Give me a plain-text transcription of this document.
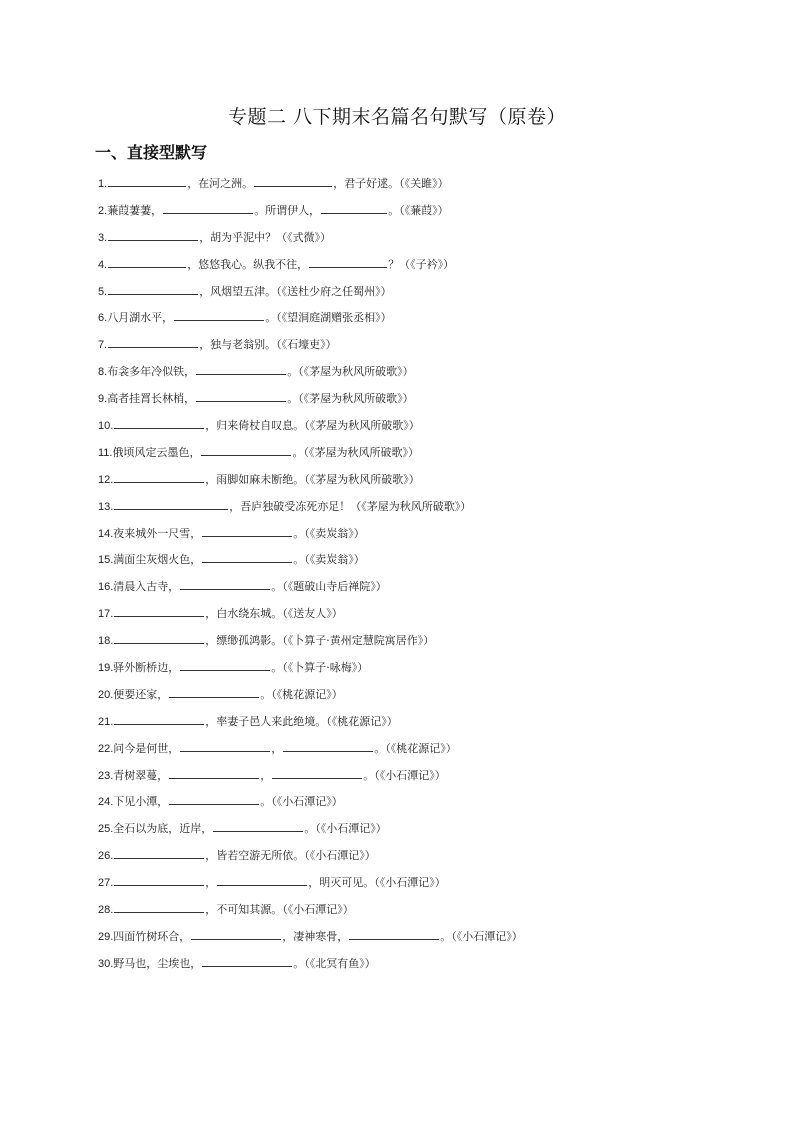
专题二 八下期末名篇名句默写（原卷）
一、直接型默写
1.	，在河之洲。	，君子好逑。（《关雎》）
2.蒹葭萋萋，	。所谓伊人，	。（《蒹葭》）
3.	，胡为乎泥中？（《式微》）
4.	，悠悠我心。纵我不往，	？（《子衿》）
5.	，风烟望五津。（《送杜少府之任蜀州》）
6.八月湖水平，	。（《望洞庭湖赠张丞相》）
7.	，独与老翁别。（《石壕吏》）
8.布衾多年冷似铁，	。（《茅屋为秋风所破歌》）
9.高者挂罥长林梢，	。（《茅屋为秋风所破歌》）
10.	，归来倚杖自叹息。（《茅屋为秋风所破歌》）
11.俄顷风定云墨色，	。（《茅屋为秋风所破歌》）
12.	，雨脚如麻未断绝。（《茅屋为秋风所破歌》）
13.	，吾庐独破受冻死亦足！（《茅屋为秋风所破歌》）
14.夜来城外一尺雪，	。（《卖炭翁》）
15.满面尘灰烟火色，	。（《卖炭翁》）
16.清晨入古寺，	。（《题破山寺后禅院》）
17.	，白水绕东城。（《送友人》）
18.	，缥缈孤鸿影。（《卜算子·黄州定慧院寓居作》）
19.驿外断桥边，	。（《卜算子·咏梅》）
20.便要还家，	。（《桃花源记》）
21.	，率妻子邑人来此绝境。（《桃花源记》）
22.问今是何世，	，	。（《桃花源记》）
23.青树翠蔓，	，	。（《小石潭记》）
24.下见小潭，	。（《小石潭记》）
25.全石以为底，近岸，	。（《小石潭记》）
26.	，皆若空游无所依。（《小石潭记》）
27.	，	，明灭可见。（《小石潭记》）
28.	，不可知其源。（《小石潭记》）
29.四面竹树环合，	，凄神寒骨，	。（《小石潭记》）
30.野马也，尘埃也，	。（《北冥有鱼》）
